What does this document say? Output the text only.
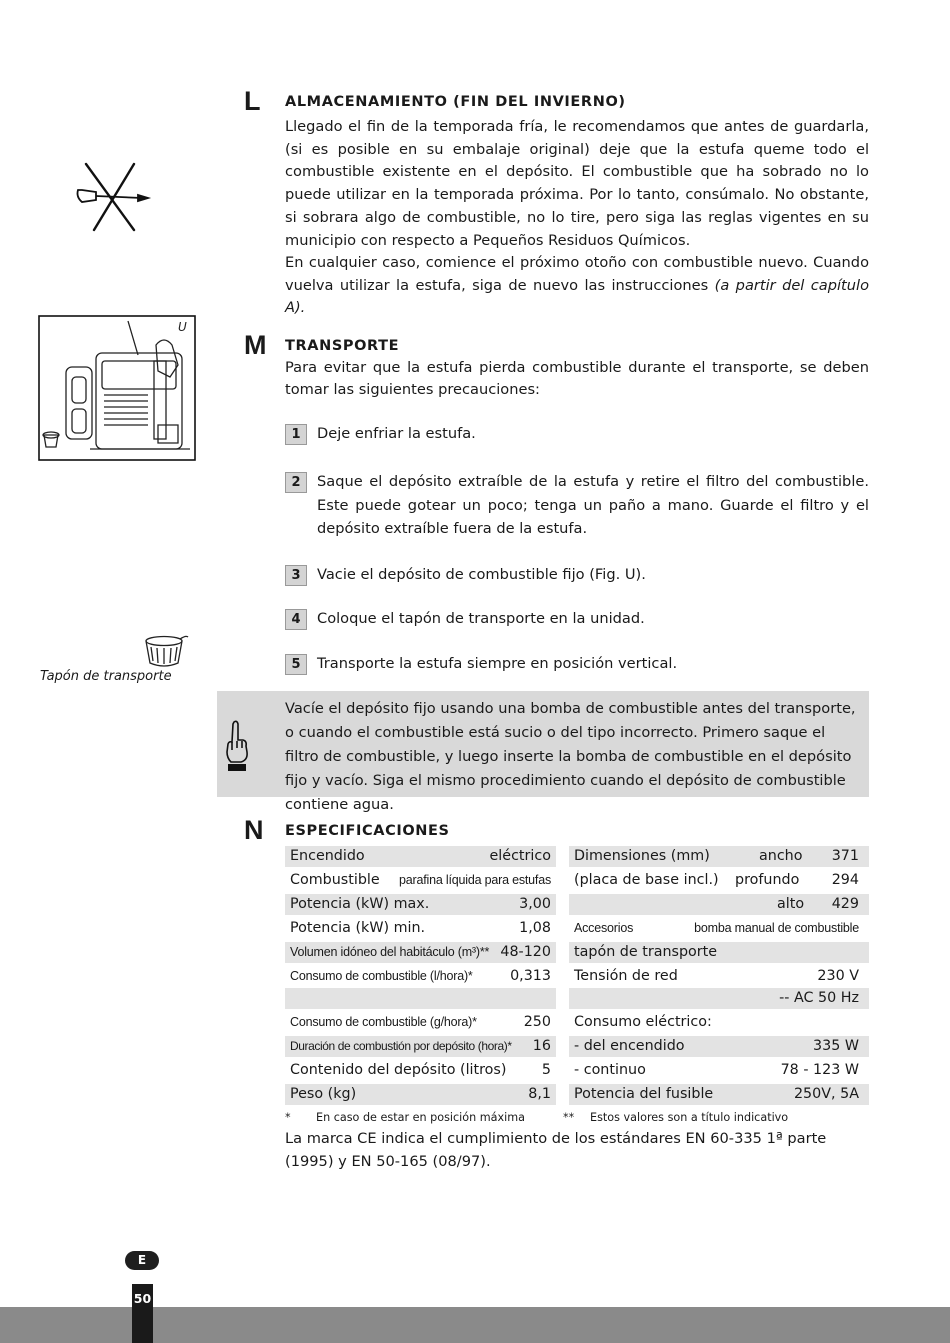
L ALMACENAMIENTO (FIN DEL INVIERNO)
Llegado el fin de la temporada fría, le recomendamos que antes de guardarla, (si es posible en su embalaje original) deje que la estufa queme todo el combustible existente en el depósito. El combustible que ha sobrado no lo puede utilizar en la temporada próxima. Por lo tanto, consúmalo. No obstante, si sobrara algo de combustible, no lo tire, pero siga las reglas vigentes en su municipio con respecto a Pequeños Residuos Químicos.
En cualquier caso, comience el próximo otoño con combustible nuevo. Cuando vuelva utilizar la estufa, siga de nuevo las instrucciones (a partir del capítulo A).
M TRANSPORTE
Para evitar que la estufa pierda combustible durante el transporte, se deben tomar las siguientes precauciones:
U
1	Deje enfriar la estufa.
2	Saque el depósito extraíble de la estufa y retire el filtro del combustible. Este puede gotear un poco; tenga un paño a mano. Guarde el filtro y el depósito extraíble fuera de la estufa.
3	Vacie el depósito de combustible fijo (Fig. U).
4	Coloque el tapón de transporte en la unidad.
5	Transporte la estufa siempre en posición vertical.
Tapón de transporte
Vacíe el depósito fijo usando una bomba de combustible antes del transporte, o cuando el combustible está sucio o del tipo incorrecto. Primero saque el filtro de combustible, y luego inserte la bomba de combustible en el depósito fijo y vacío. Siga el mismo procedimiento cuando el depósito de combustible contiene agua.
N ESPECIFICACIONES
Encendido	eléctrico
Combustible parafina líquida para estufas
Potencia (kW) max.	3,00
Potencia (kW) min.	1,08
Volumen idóneo del habitáculo (m³)** 48-120
Consumo de combustible (l/hora)*	0,313
Consumo de combustible (g/hora)*	250
Duración de combustión por depósito (hora)* 16
Contenido del depósito (litros) 5
Peso (kg)	8,1
Dimensiones (mm)	ancho 371
(placa de base incl.) profundo 294
alto 429
Accesorios	bomba manual de combustible
tapón de transporte
Tensión de red	230 V
-- AC 50 Hz
Consumo eléctrico:
- del encendido	335 W
- continuo	78 - 123 W
Potencia del fusible	250V, 5A
* En caso de estar en posición máxima	** Estos valores son a título indicativo
La marca CE indica el cumplimiento de los estándares EN 60-335 1ª parte (1995) y EN 50-165 (08/97).
E
50
